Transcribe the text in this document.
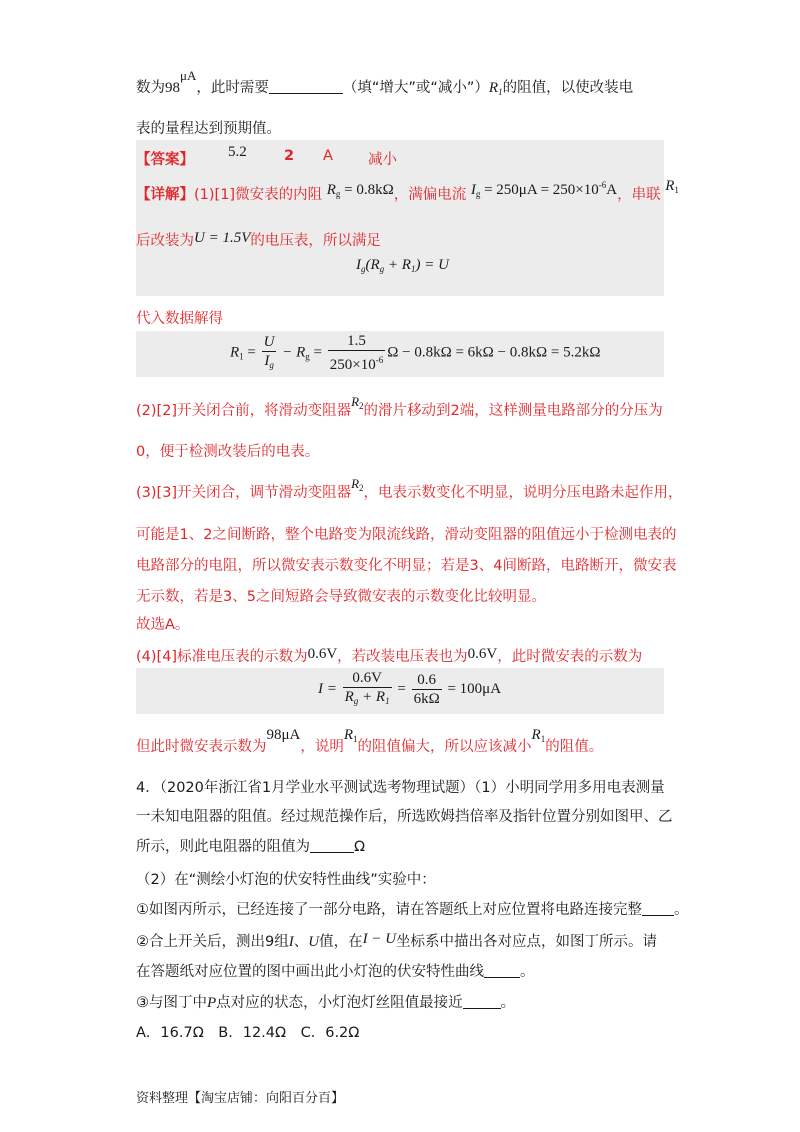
数为98μA，此时需要	（填“增大”或“减小$”)R_1$的阻值，以使改装电
表的量程达到预期值。
【答案】 5.2	2 A 减小
【详解】(1)[1]微安表的内阻 $R_g = 0.8k\Omega$，满偏电流 $I_g = 250\mu A = 250\times 10^{-6}A$，串联 $R^1$
后改装为U = 1.5V的电压表，所以满足
$I_g(R_g + R_1) = U$
代入数据解得
$R_1 = \frac{U}{I_g} - R_g = \frac{1.5}{250\times 10^{-6}}$ Ω − 0.8kΩ = 6kΩ − 0.8kΩ = 5.2kΩ
(2)[2]开关闭合前，将滑动变阻器$R^2$的滑片移动到2端，这样测量电路部分的分压为
0，便于检测改装后的电表。
(3)[3]开关闭合，调节滑动变阻器$R^2$，电表示数变化不明显，说明分压电路未起作用，
可能是1、2之间断路，整个电路变为限流线路，滑动变阻器的阻值远小于检测电表的
电路部分的电阻，所以微安表示数变化不明显；若是3、4间断路，电路断开，微安表
无示数，若是3、5之间短路会导致微安表的示数变化比较明显。
故选A。
(4)[4]标准电压表的示数为0.6V，若改装电压表也为0.6V，此时微安表的示数为
$I = \frac{0.6V}{R_g + R_1} = \frac{0.6}{6k\Omega} = 100\mu A$
但此时微安表示数为98μA，说明$R^1$的阻值偏大，所以应该减小$R^1$的阻值。
4．（2020年浙江省1月学业水平测试选考物理试题）（1）小明同学用多用电表测量
一未知电阻器的阻值。经过规范操作后，所选欧姆挡倍率及指针位置分别如图甲、乙
所示，则此电阻器的阻值为	Ω
（2）在“测绘小灯泡的伏安特性曲线”实验中：
①如图丙所示，已经连接了一部分电路，请在答题纸上对应位置将电路连接完整 。
②合上开关后，测出9组I、U值，在I − U坐标系中描出各对应点，如图丁所示。请
在答题纸对应位置的图中画出此小灯泡的伏安特性曲线 。
③与图丁中P点对应的状态，小灯泡灯丝阻值最接近	。
A．16.7Ω　B．12.4Ω　C．6.2Ω
资料整理【淘宝店铺：向阳百分百】
